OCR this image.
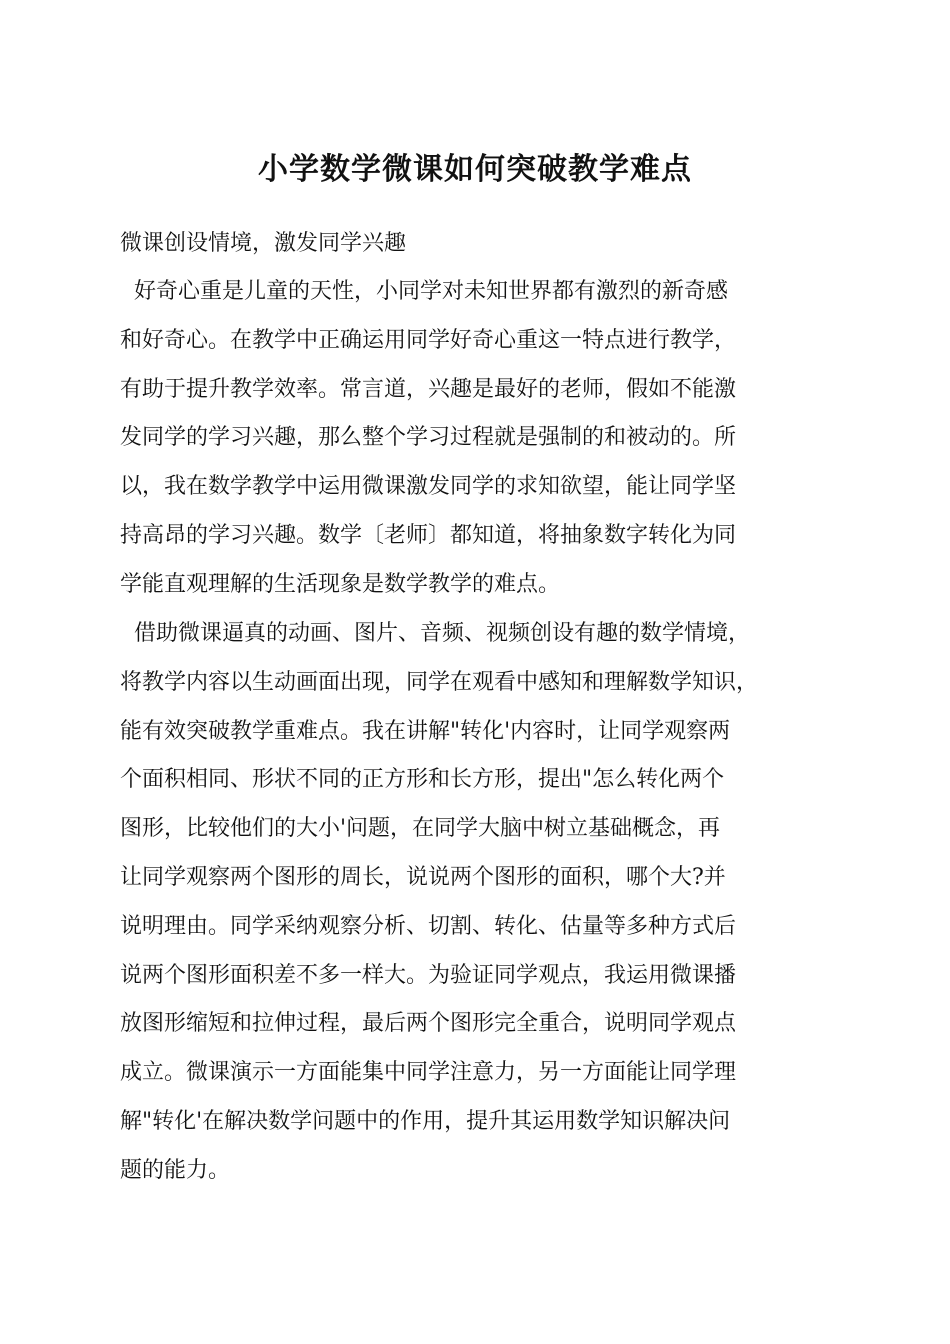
小学数学微课如何突破教学难点
微课创设情境，激发同学兴趣
好奇心重是儿童的天性，小同学对未知世界都有激烈的新奇感
和好奇心。在教学中正确运用同学好奇心重这一特点进行教学，
有助于提升教学效率。常言道，兴趣是最好的老师，假如不能激
发同学的学习兴趣，那么整个学习过程就是强制的和被动的。所
以，我在数学教学中运用微课激发同学的求知欲望，能让同学坚
持高昂的学习兴趣。数学〔老师〕都知道，将抽象数字转化为同
学能直观理解的生活现象是数学教学的难点。
借助微课逼真的动画、图片、音频、视频创设有趣的数学情境，
将教学内容以生动画面出现，同学在观看中感知和理解数学知识，
能有效突破教学重难点。我在讲解"转化'内容时，让同学观察两
个面积相同、形状不同的正方形和长方形，提出"怎么转化两个
图形，比较他们的大小'问题，在同学大脑中树立基础概念，再
让同学观察两个图形的周长，说说两个图形的面积，哪个大?并
说明理由。同学采纳观察分析、切割、转化、估量等多种方式后
说两个图形面积差不多一样大。为验证同学观点，我运用微课播
放图形缩短和拉伸过程，最后两个图形完全重合，说明同学观点
成立。微课演示一方面能集中同学注意力，另一方面能让同学理
解"转化'在解决数学问题中的作用，提升其运用数学知识解决问
题的能力。
